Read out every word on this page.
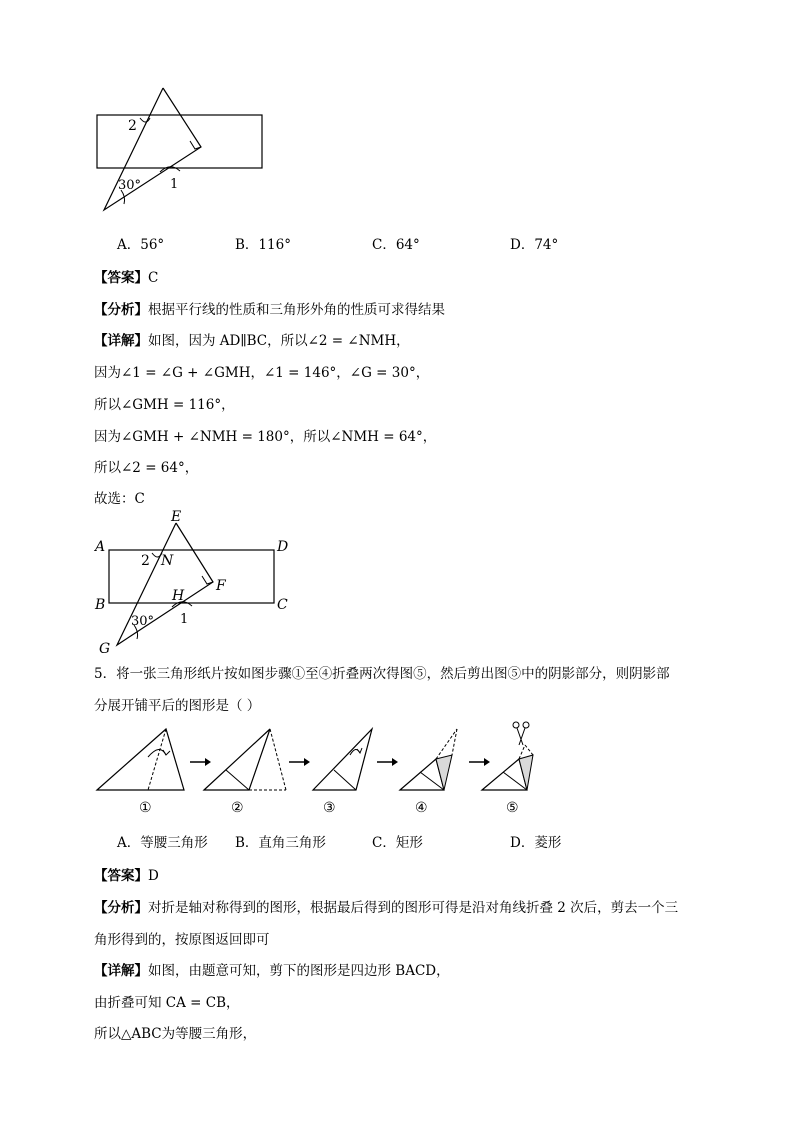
2
30° 1
A．56°	B．116°	C．64°	D．74°
【答案】C
【分析】根据平行线的性质和三角形外角的性质可求得结果
【详解】如图，因为 AD∥BC，所以∠2 = ∠NMH，
因为∠1 = ∠G + ∠GMH，∠1 = 146°，∠G = 30°，
所以∠GMH = 116°，
因为∠GMH + ∠NMH = 180°，所以∠NMH = 64°，
所以∠2 = 64°，
故选：C
A	D
B	C
E
F
G
H
N
2
30° 1
5．将一张三角形纸片按如图步骤①至④折叠两次得图⑤，然后剪出图⑤中的阴影部分，则阴影部
分展开铺平后的图形是（ ）
①	②	③	④	⑤
A．等腰三角形 B．直角三角形	C．矩形	D．菱形
【答案】D
【分析】对折是轴对称得到的图形，根据最后得到的图形可得是沿对角线折叠 2 次后，剪去一个三
角形得到的，按原图返回即可
【详解】如图，由题意可知，剪下的图形是四边形 BACD，
由折叠可知 CA = CB，
所以△ABC为等腰三角形，
